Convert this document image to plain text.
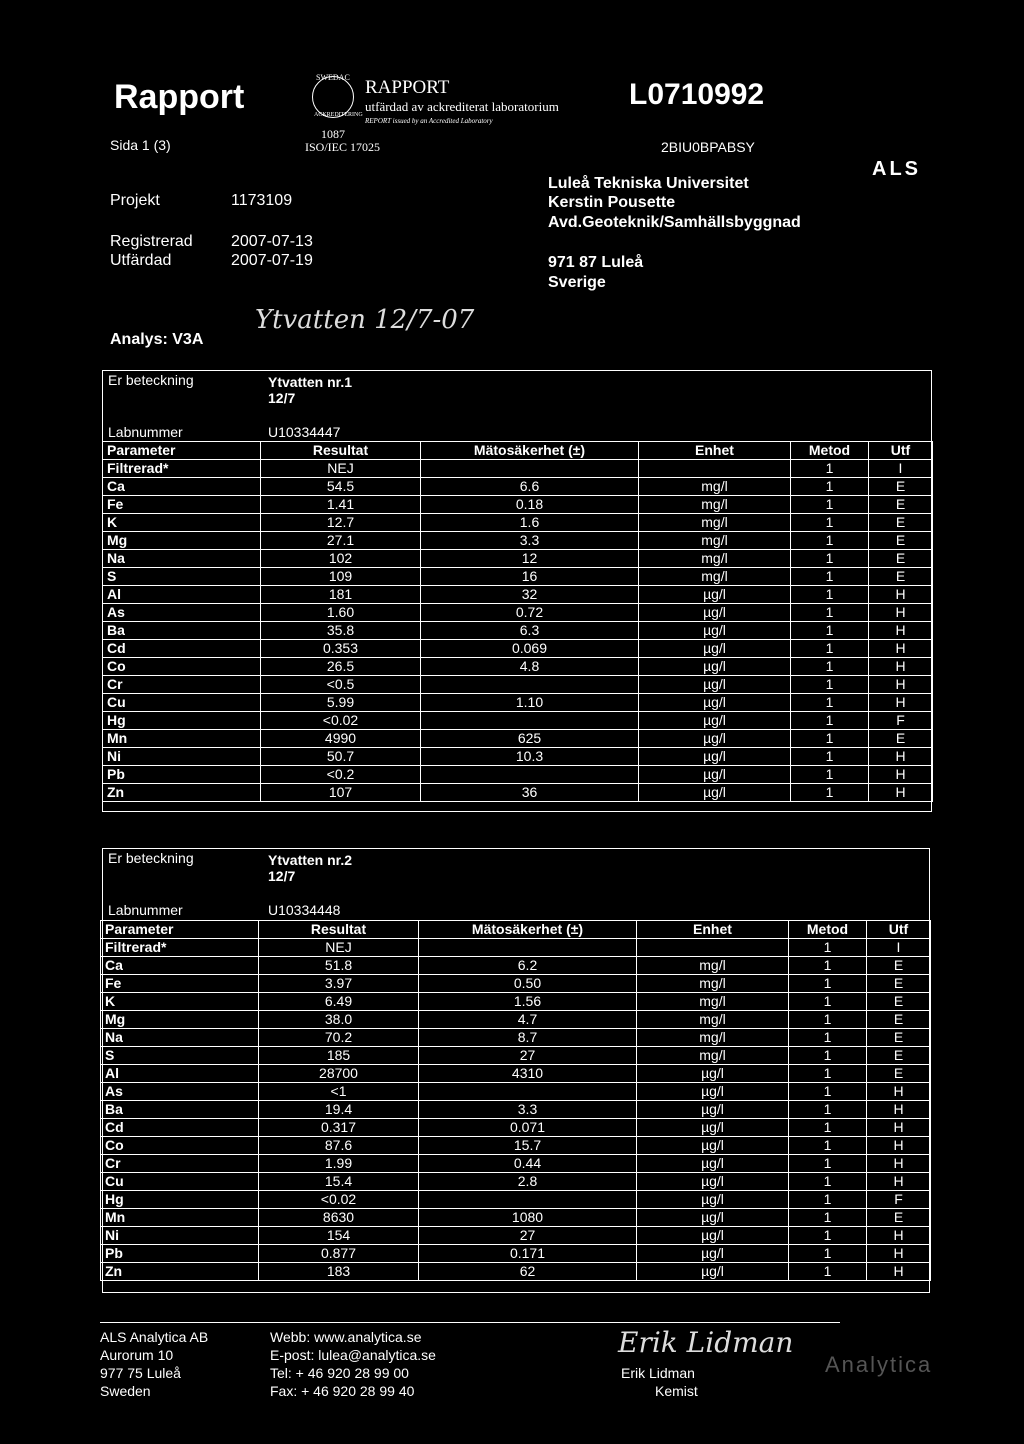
Rapport
Sida 1 (3)
SWEDAC
ACKREDITERING
RAPPORT
utfärdad av ackrediterat laboratorium
REPORT issued by an Accredited Laboratory
1087
ISO/IEC 17025
L0710992
2BIU0BPABSY
ALS
Projekt	1173109
Registrerad 2007-07-13
Utfärdad	2007-07-19
Analys: V3A
Ytvatten 12/7-07
Luleå Tekniska Universitet
Kerstin Pousette
Avd.Geoteknik/Samhällsbyggnad
971 87 Luleå
Sverige
Er beteckning	Ytvatten nr.1
12/7
Labnummer	U10334447
Parameter	Resultat	Mätosäkerhet (±)	Enhet	Metod	Utf
Filtrerad*	NEJ			1	I
Ca	54.5	6.6	mg/l	1	E
Fe	1.41	0.18	mg/l	1	E
K	12.7	1.6	mg/l	1	E
Mg	27.1	3.3	mg/l	1	E
Na	102	12	mg/l	1	E
S	109	16	mg/l	1	E
Al	181	32	µg/l	1	H
As	1.60	0.72	µg/l	1	H
Ba	35.8	6.3	µg/l	1	H
Cd	0.353	0.069	µg/l	1	H
Co	26.5	4.8	µg/l	1	H
Cr	<0.5		µg/l	1	H
Cu	5.99	1.10	µg/l	1	H
Hg	<0.02		µg/l	1	F
Mn	4990	625	µg/l	1	E
Ni	50.7	10.3	µg/l	1	H
Pb	<0.2		µg/l	1	H
Zn	107	36	µg/l	1	H
Er beteckning	Ytvatten nr.2
12/7
Labnummer	U10334448
Parameter	Resultat	Mätosäkerhet (±)	Enhet	Metod	Utf
Filtrerad*	NEJ			1	I
Ca	51.8	6.2	mg/l	1	E
Fe	3.97	0.50	mg/l	1	E
K	6.49	1.56	mg/l	1	E
Mg	38.0	4.7	mg/l	1	E
Na	70.2	8.7	mg/l	1	E
S	185	27	mg/l	1	E
Al	28700	4310	µg/l	1	E
As	<1		µg/l	1	H
Ba	19.4	3.3	µg/l	1	H
Cd	0.317	0.071	µg/l	1	H
Co	87.6	15.7	µg/l	1	H
Cr	1.99	0.44	µg/l	1	H
Cu	15.4	2.8	µg/l	1	H
Hg	<0.02		µg/l	1	F
Mn	8630	1080	µg/l	1	E
Ni	154	27	µg/l	1	H
Pb	0.877	0.171	µg/l	1	H
Zn	183	62	µg/l	1	H
ALS Analytica AB
Aurorum 10
977 75 Luleå
Sweden
Webb: www.analytica.se
E-post: lulea@analytica.se
Tel: + 46 920 28 99 00
Fax: + 46 920 28 99 40
Erik Lidman
Erik Lidman
Kemist
Analytica
